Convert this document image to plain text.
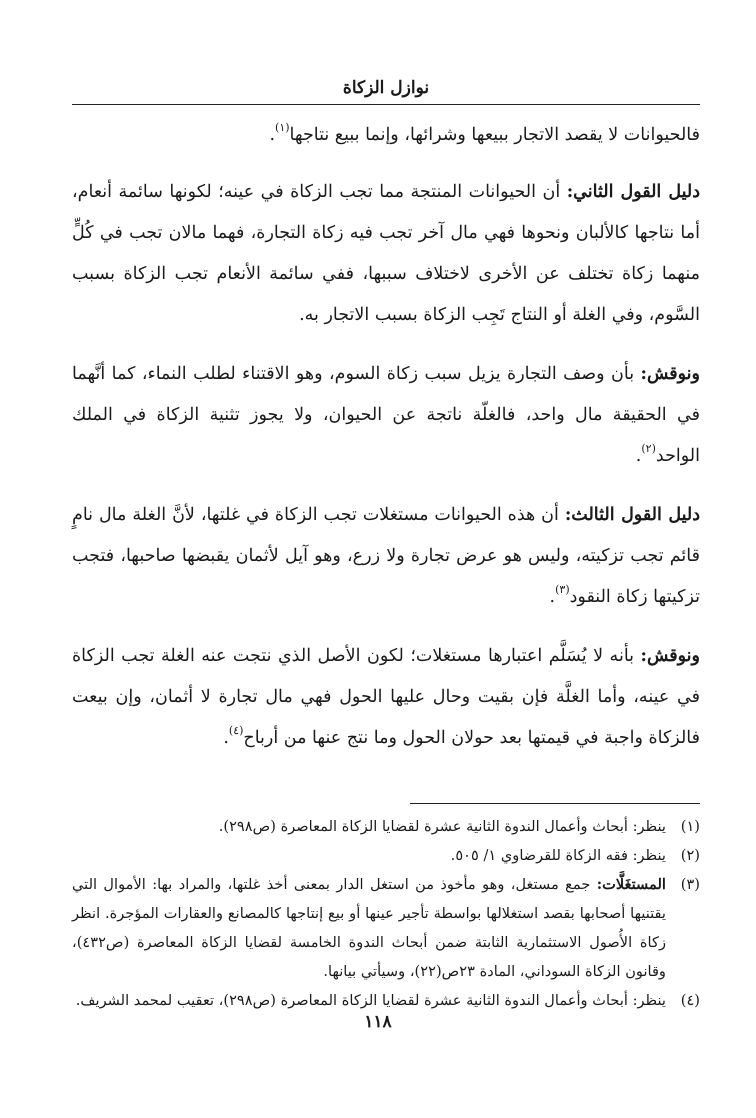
نوازل الزكاة

فالحيوانات لا يقصد الاتجار ببيعها وشرائها، وإنما ببيع نتاجها$^{(١)}$.

دليل القول الثاني: أن الحيوانات المنتجة مما تجب الزكاة في عينه؛ لكونها سائمة أنعام، أما نتاجها كالألبان ونحوها فهي مال آخر تجب فيه زكاة التجارة، فهما مالان تجب في كُلٍّ منهما زكاة تختلف عن الأخرى لاختلاف سببها، ففي سائمة الأنعام تجب الزكاة بسبب السَّوم، وفي الغلة أو النتاج تَجِب الزكاة بسبب الاتجار به.

ونوقش: بأن وصف التجارة يزيل سبب زكاة السوم، وهو الاقتناء لطلب النماء، كما أنَّهما في الحقيقة مال واحد، فالغلّة ناتجة عن الحيوان، ولا يجوز تثنية الزكاة في الملك الواحد$^{(٢)}$.

دليل القول الثالث: أن هذه الحيوانات مستغلات تجب الزكاة في غلتها، لأنَّ الغلة مال نامٍ قائم تجب تزكيته، وليس هو عرض تجارة ولا زرع، وهو آيل لأثمان يقبضها صاحبها، فتجب تزكيتها زكاة النقود$^{(٣)}$.

ونوقش: بأنه لا يُسَلَّم اعتبارها مستغلات؛ لكون الأصل الذي نتجت عنه الغلة تجب الزكاة في عينه، وأما الغلَّة فإن بقيت وحال عليها الحول فهي مال تجارة لا أثمان، وإن بيعت فالزكاة واجبة في قيمتها بعد حولان الحول وما نتج عنها من أرباح$^{(٤)}$.

(١)
ينظر: أبحاث وأعمال الندوة الثانية عشرة لقضايا الزكاة المعاصرة (ص٢٩٨).
(٢)
ينظر: فقه الزكاة للقرضاوي ١/ ٥٠٥.
(٣)
المستغَلَّات: جمع مستغل، وهو مأخوذ من استغل الدار بمعنى أخذ غلتها، والمراد بها: الأموال التي يقتنيها أصحابها بقصد استغلالها بواسطة تأجير عينها أو بيع إنتاجها كالمصانع والعقارات المؤجرة. انظر زكاة الأُصول الاستثمارية الثابتة ضمن أبحاث الندوة الخامسة لقضايا الزكاة المعاصرة (ص٤٣٢)، وقانون الزكاة السوداني، المادة ٢٣ص(٢٢)، وسيأتي بيانها.
(٤)
ينظر: أبحاث وأعمال الندوة الثانية عشرة لقضايا الزكاة المعاصرة (ص٢٩٨)، تعقيب لمحمد الشريف.
١١٨
